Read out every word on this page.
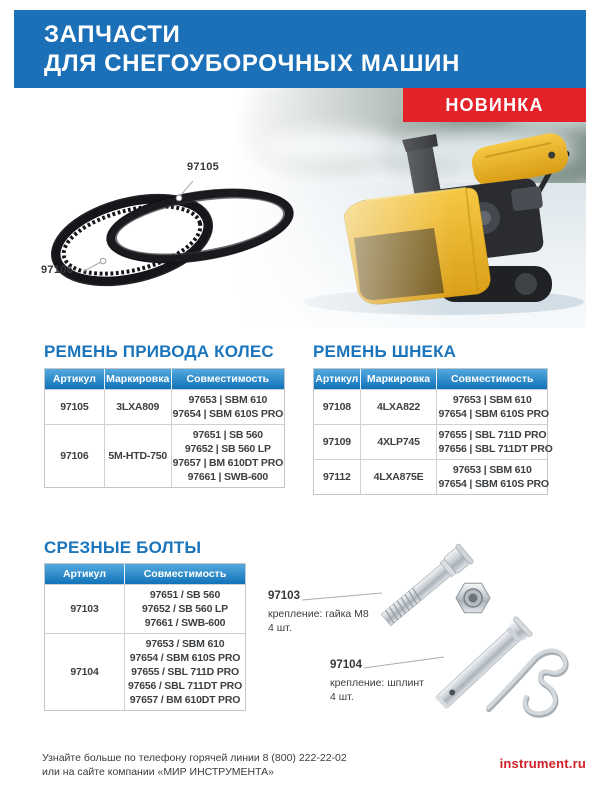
ЗАПЧАСТИ
ДЛЯ СНЕГОУБОРОЧНЫХ МАШИН
НОВИНКА
97105
97106
РЕМЕНЬ ПРИВОДА КОЛЕС РЕМЕНЬ ШНЕКА
СРЕЗНЫЕ БОЛТЫ
Артикул Маркировка	Совместимость
97105	3LXA809
97653 | SBM 610
97654 | SBM 610S PRO
97106	5M-HTD-750
97651 | SB 560
97652 | SB 560 LP
97657 | BM 610DT PRO
97661 | SWB-600
Артикул Маркировка	Совместимость
97108	4LXA822
97653 | SBM 610
97654 | SBM 610S PRO
97109	4XLP745
97655 | SBL 711D PRO
97656 | SBL 711DT PRO
97112	4LXA875E
97653 | SBM 610
97654 | SBM 610S PRO
Артикул	Совместимость
97103
97651 / SB 560
97652 / SB 560 LP
97661 / SWB-600
97104
97653 / SBM 610
97654 / SBM 610S PRO
97655 / SBL 711D PRO
97656 / SBL 711DT PRO
97657 / BM 610DT PRO
97103
крепление: гайка М8
4 шт.
97104
крепление: шплинт
4 шт.
Узнайте больше по телефону горячей линии 8 (800) 222-22-02
или на сайте компании «МИР ИНСТРУМЕНТА»
instrument.ru
